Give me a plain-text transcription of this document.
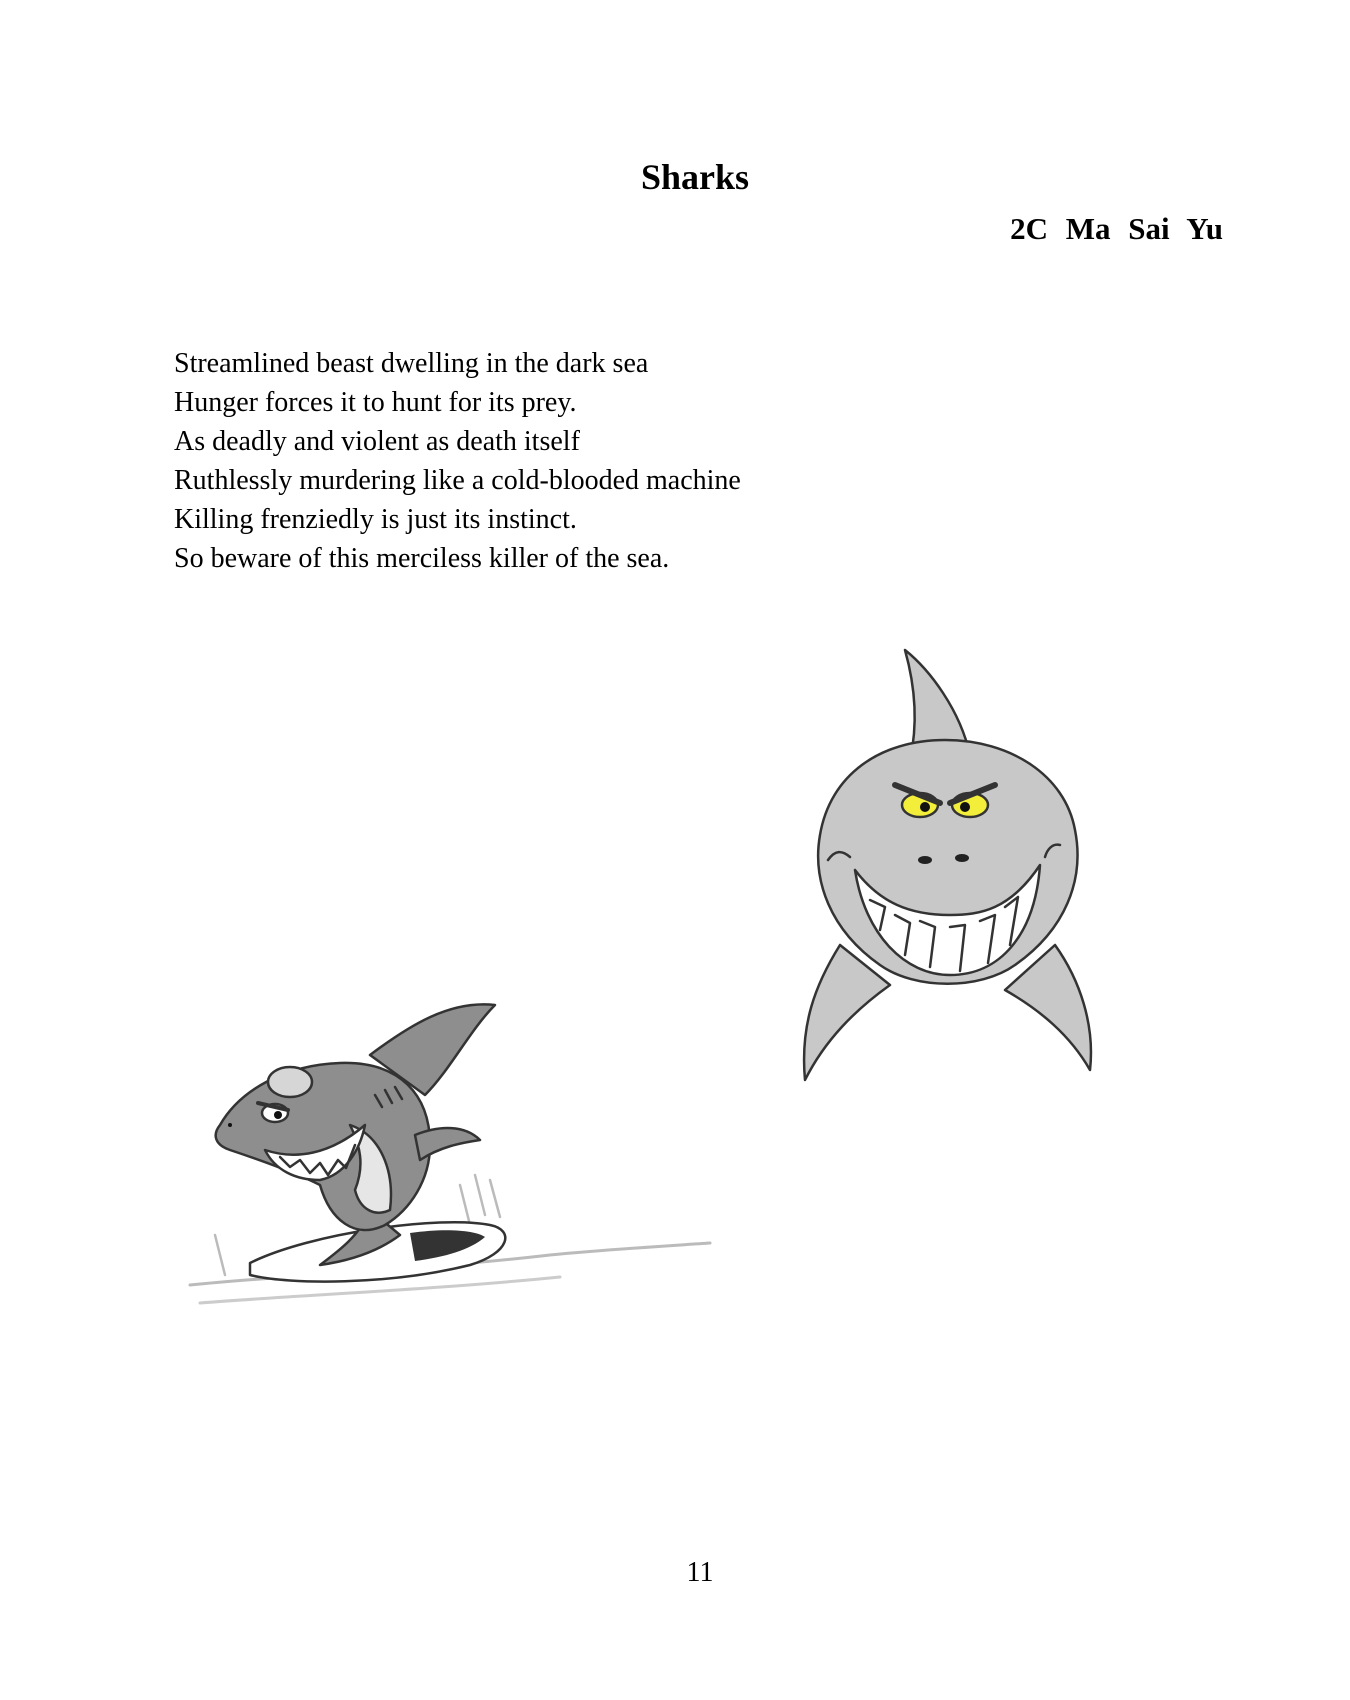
Sharks
2C Ma Sai Yu
Streamlined beast dwelling in the dark sea
Hunger forces it to hunt for its prey.
As deadly and violent as death itself
Ruthlessly murdering like a cold-blooded machine
Killing frenziedly is just its instinct.
So beware of this merciless killer of the sea.
11
